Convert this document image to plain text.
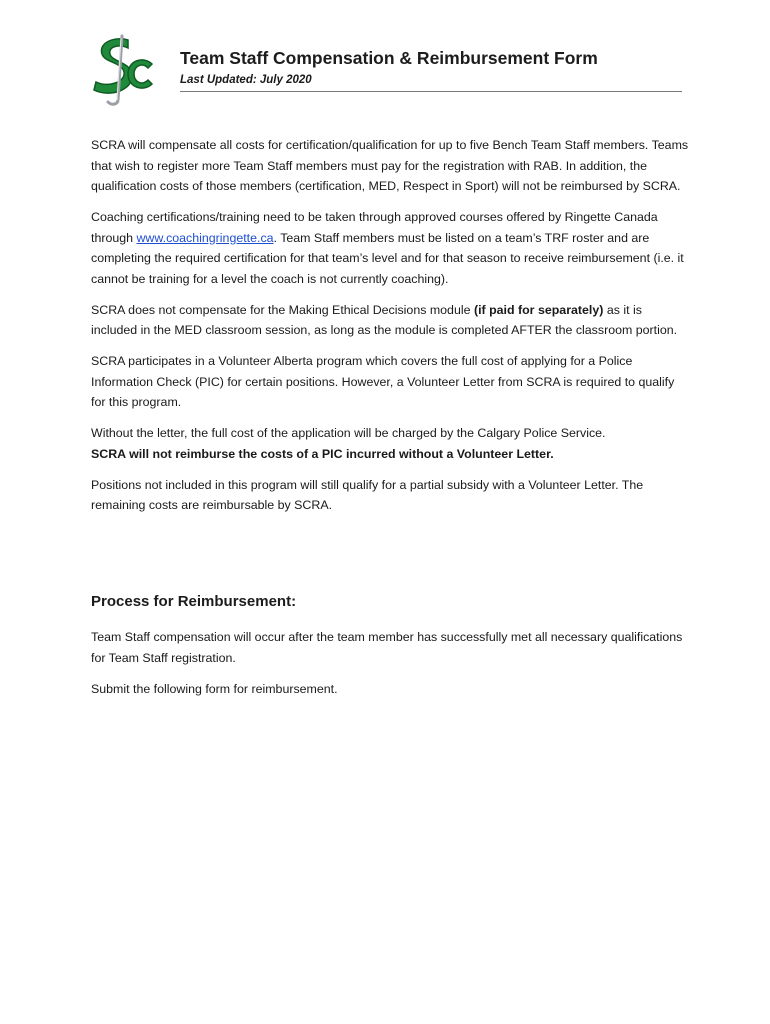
Team Staff Compensation & Reimbursement Form

Last Updated: July 2020

SCRA will compensate all costs for certification/qualification for up to five Bench Team Staff members. Teams that wish to register more Team Staff members must pay for the registration with RAB. In addition, the qualification costs of those members (certification, MED, Respect in Sport) will not be reimbursed by SCRA.

Coaching certifications/training need to be taken through approved courses offered by Ringette Canada through www.coachingringette.ca. Team Staff members must be listed on a team’s TRF roster and are completing the required certification for that team’s level and for that season to receive reimbursement (i.e. it cannot be training for a level the coach is not currently coaching).

SCRA does not compensate for the Making Ethical Decisions module (if paid for separately) as it is included in the MED classroom session, as long as the module is completed AFTER the classroom portion.

SCRA participates in a Volunteer Alberta program which covers the full cost of applying for a Police Information Check (PIC) for certain positions. However, a Volunteer Letter from SCRA is required to qualify for this program.

Without the letter, the full cost of the application will be charged by the Calgary Police Service.
SCRA will not reimburse the costs of a PIC incurred without a Volunteer Letter.

Positions not included in this program will still qualify for a partial subsidy with a Volunteer Letter. The remaining costs are reimbursable by SCRA.

Process for Reimbursement:

Team Staff compensation will occur after the team member has successfully met all necessary qualifications for Team Staff registration.

Submit the following form for reimbursement.
